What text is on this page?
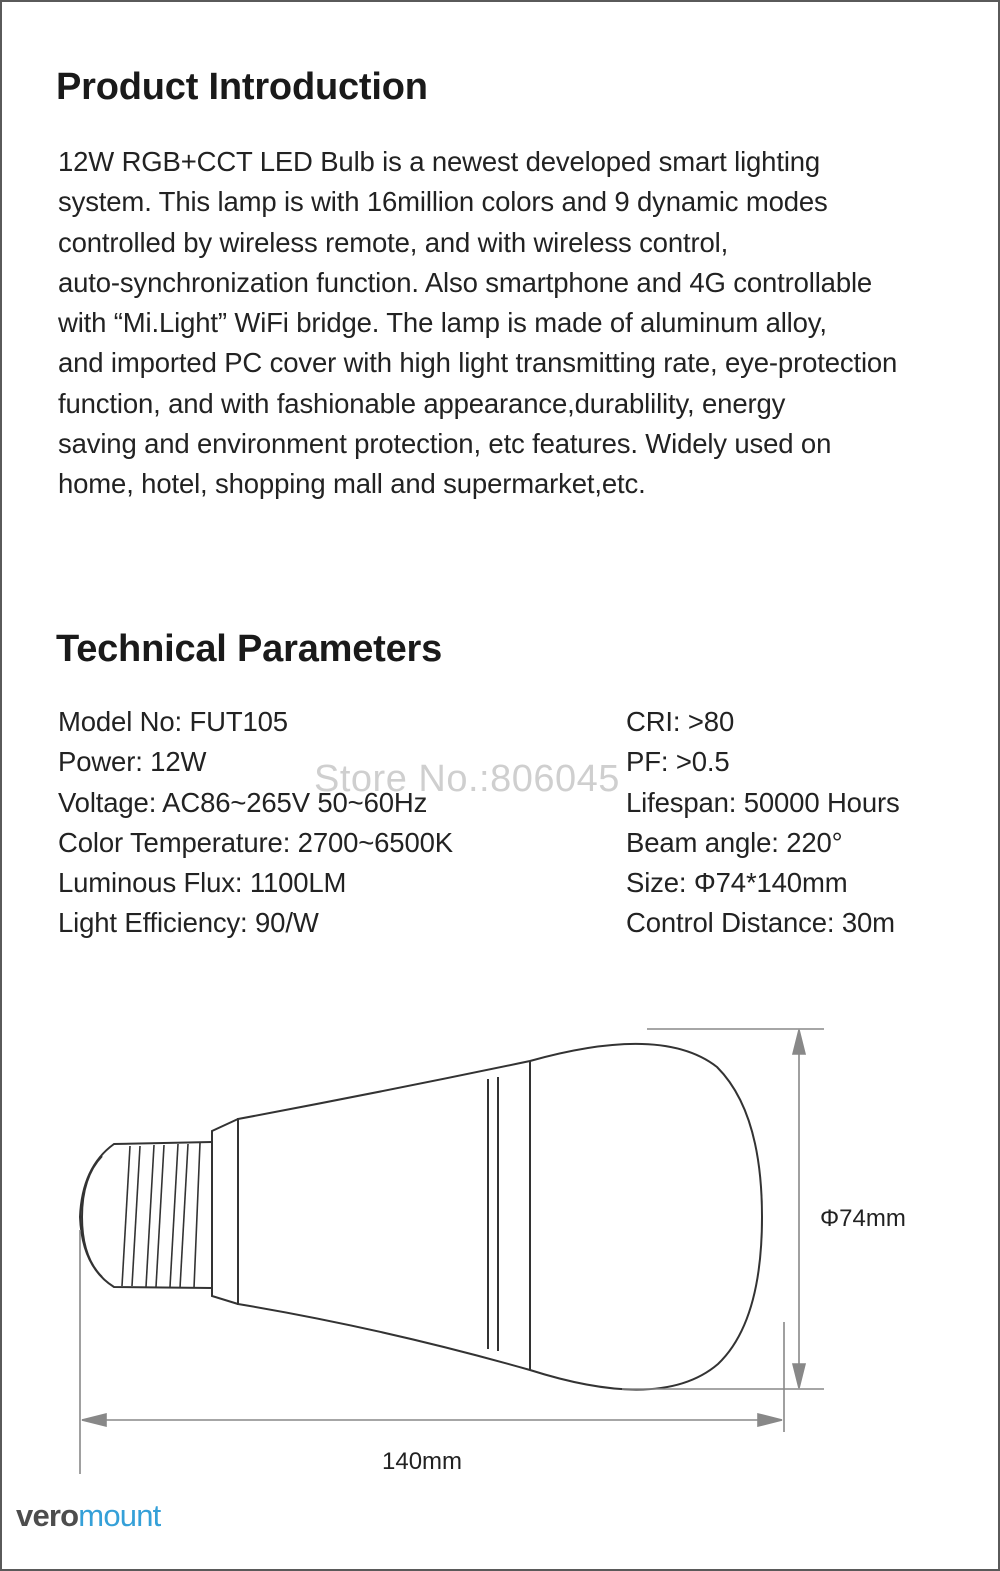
Product Introduction

12W RGB+CCT LED Bulb is a newest developed smart lighting
system. This lamp is with 16million colors and 9 dynamic modes
controlled by wireless remote, and with wireless control,
auto-synchronization function. Also smartphone and 4G controllable
with “Mi.Light” WiFi bridge. The lamp is made of aluminum alloy,
and imported PC cover with high light transmitting rate, eye-protection
function, and with fashionable appearance,durablility, energy
saving and environment protection, etc features. Widely used on
home, hotel, shopping mall and supermarket,etc.

Technical Parameters
Model No: FUT105
Power: 12W
Voltage: AC86~265V 50~60Hz
Color Temperature: 2700~6500K
Luminous Flux: 1100LM
Light Efficiency: 90/W
CRI: >80
PF: >0.5
Lifespan: 50000 Hours
Beam angle: 220°
Size: Φ74*140mm
Control Distance: 30m
Store No.:806045
Φ74mm
140mm
veromount
